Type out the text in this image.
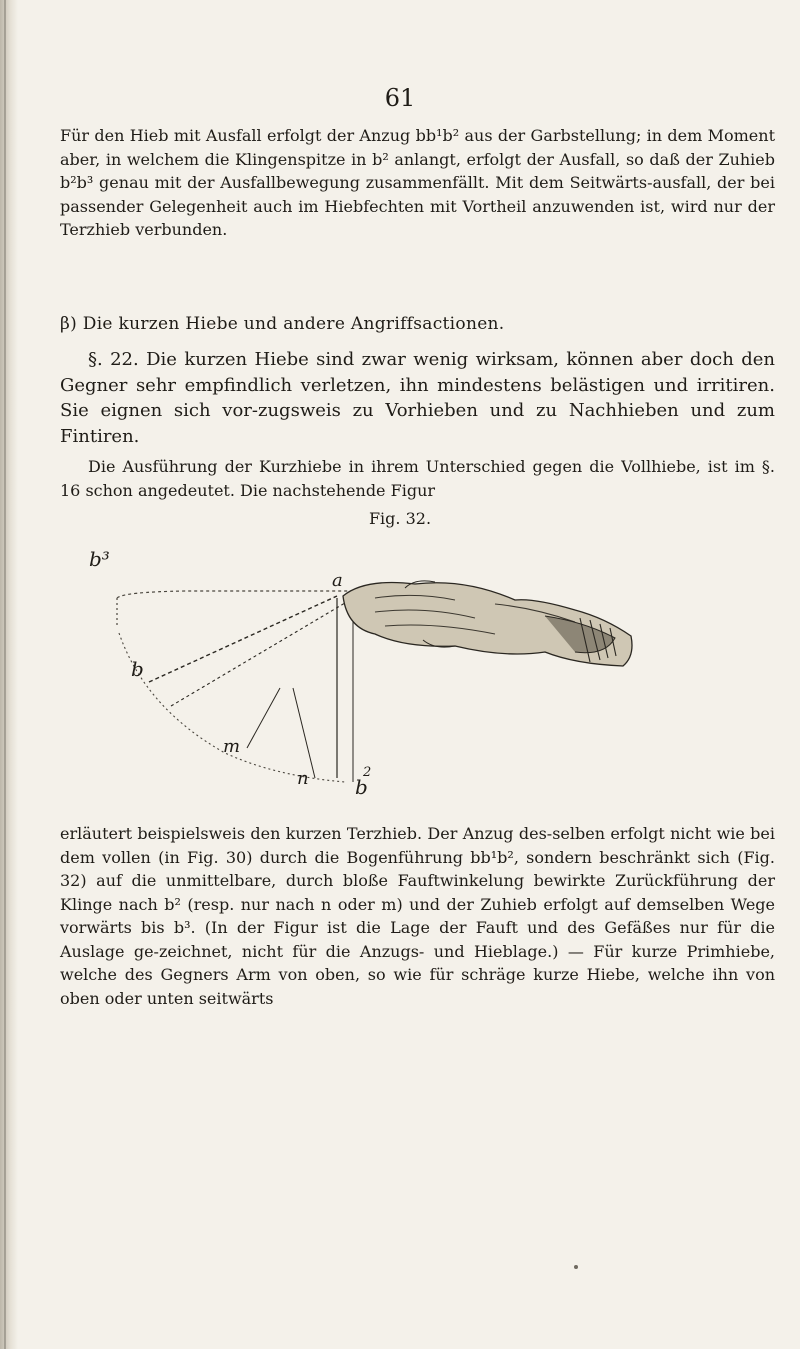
61
Für den Hieb mit Ausfall erfolgt der Anzug bb¹b² aus der Garbstellung; in dem Moment aber, in welchem die Klingenspitze in b² anlangt, erfolgt der Ausfall, so daß der Zuhieb b²b³ genau mit der Ausfallbewegung zusammenfällt. Mit dem Seitwärts-ausfall, der bei passender Gelegenheit auch im Hiebfechten mit Vortheil anzuwenden ist, wird nur der Terzhieb verbunden.
β) Die kurzen Hiebe und andere Angriffsactionen.
§. 22. Die kurzen Hiebe sind zwar wenig wirksam, können aber doch den Gegner sehr empfindlich verletzen, ihn mindestens belästigen und irritiren. Sie eignen sich vor-zugsweis zu Vorhieben und zu Nachhieben und zum Fintiren.
Die Ausführung der Kurzhiebe in ihrem Unterschied gegen die Vollhiebe, ist im §. 16 schon angedeutet. Die nachstehende Figur
Fig. 32.
b³
b
a
m
n	2
b
erläutert beispielsweis den kurzen Terzhieb. Der Anzug des-selben erfolgt nicht wie bei dem vollen (in Fig. 30) durch die Bogenführung bb¹b², sondern beschränkt sich (Fig. 32) auf die unmittelbare, durch bloße Fauftwinkelung bewirkte Zurückführung der Klinge nach b² (resp. nur nach n oder m) und der Zuhieb erfolgt auf demselben Wege vorwärts bis b³. (In der Figur ist die Lage der Fauft und des Gefäßes nur für die Auslage ge-zeichnet, nicht für die Anzugs- und Hieblage.) — Für kurze Primhiebe, welche des Gegners Arm von oben, so wie für schräge kurze Hiebe, welche ihn von oben oder unten seitwärts
